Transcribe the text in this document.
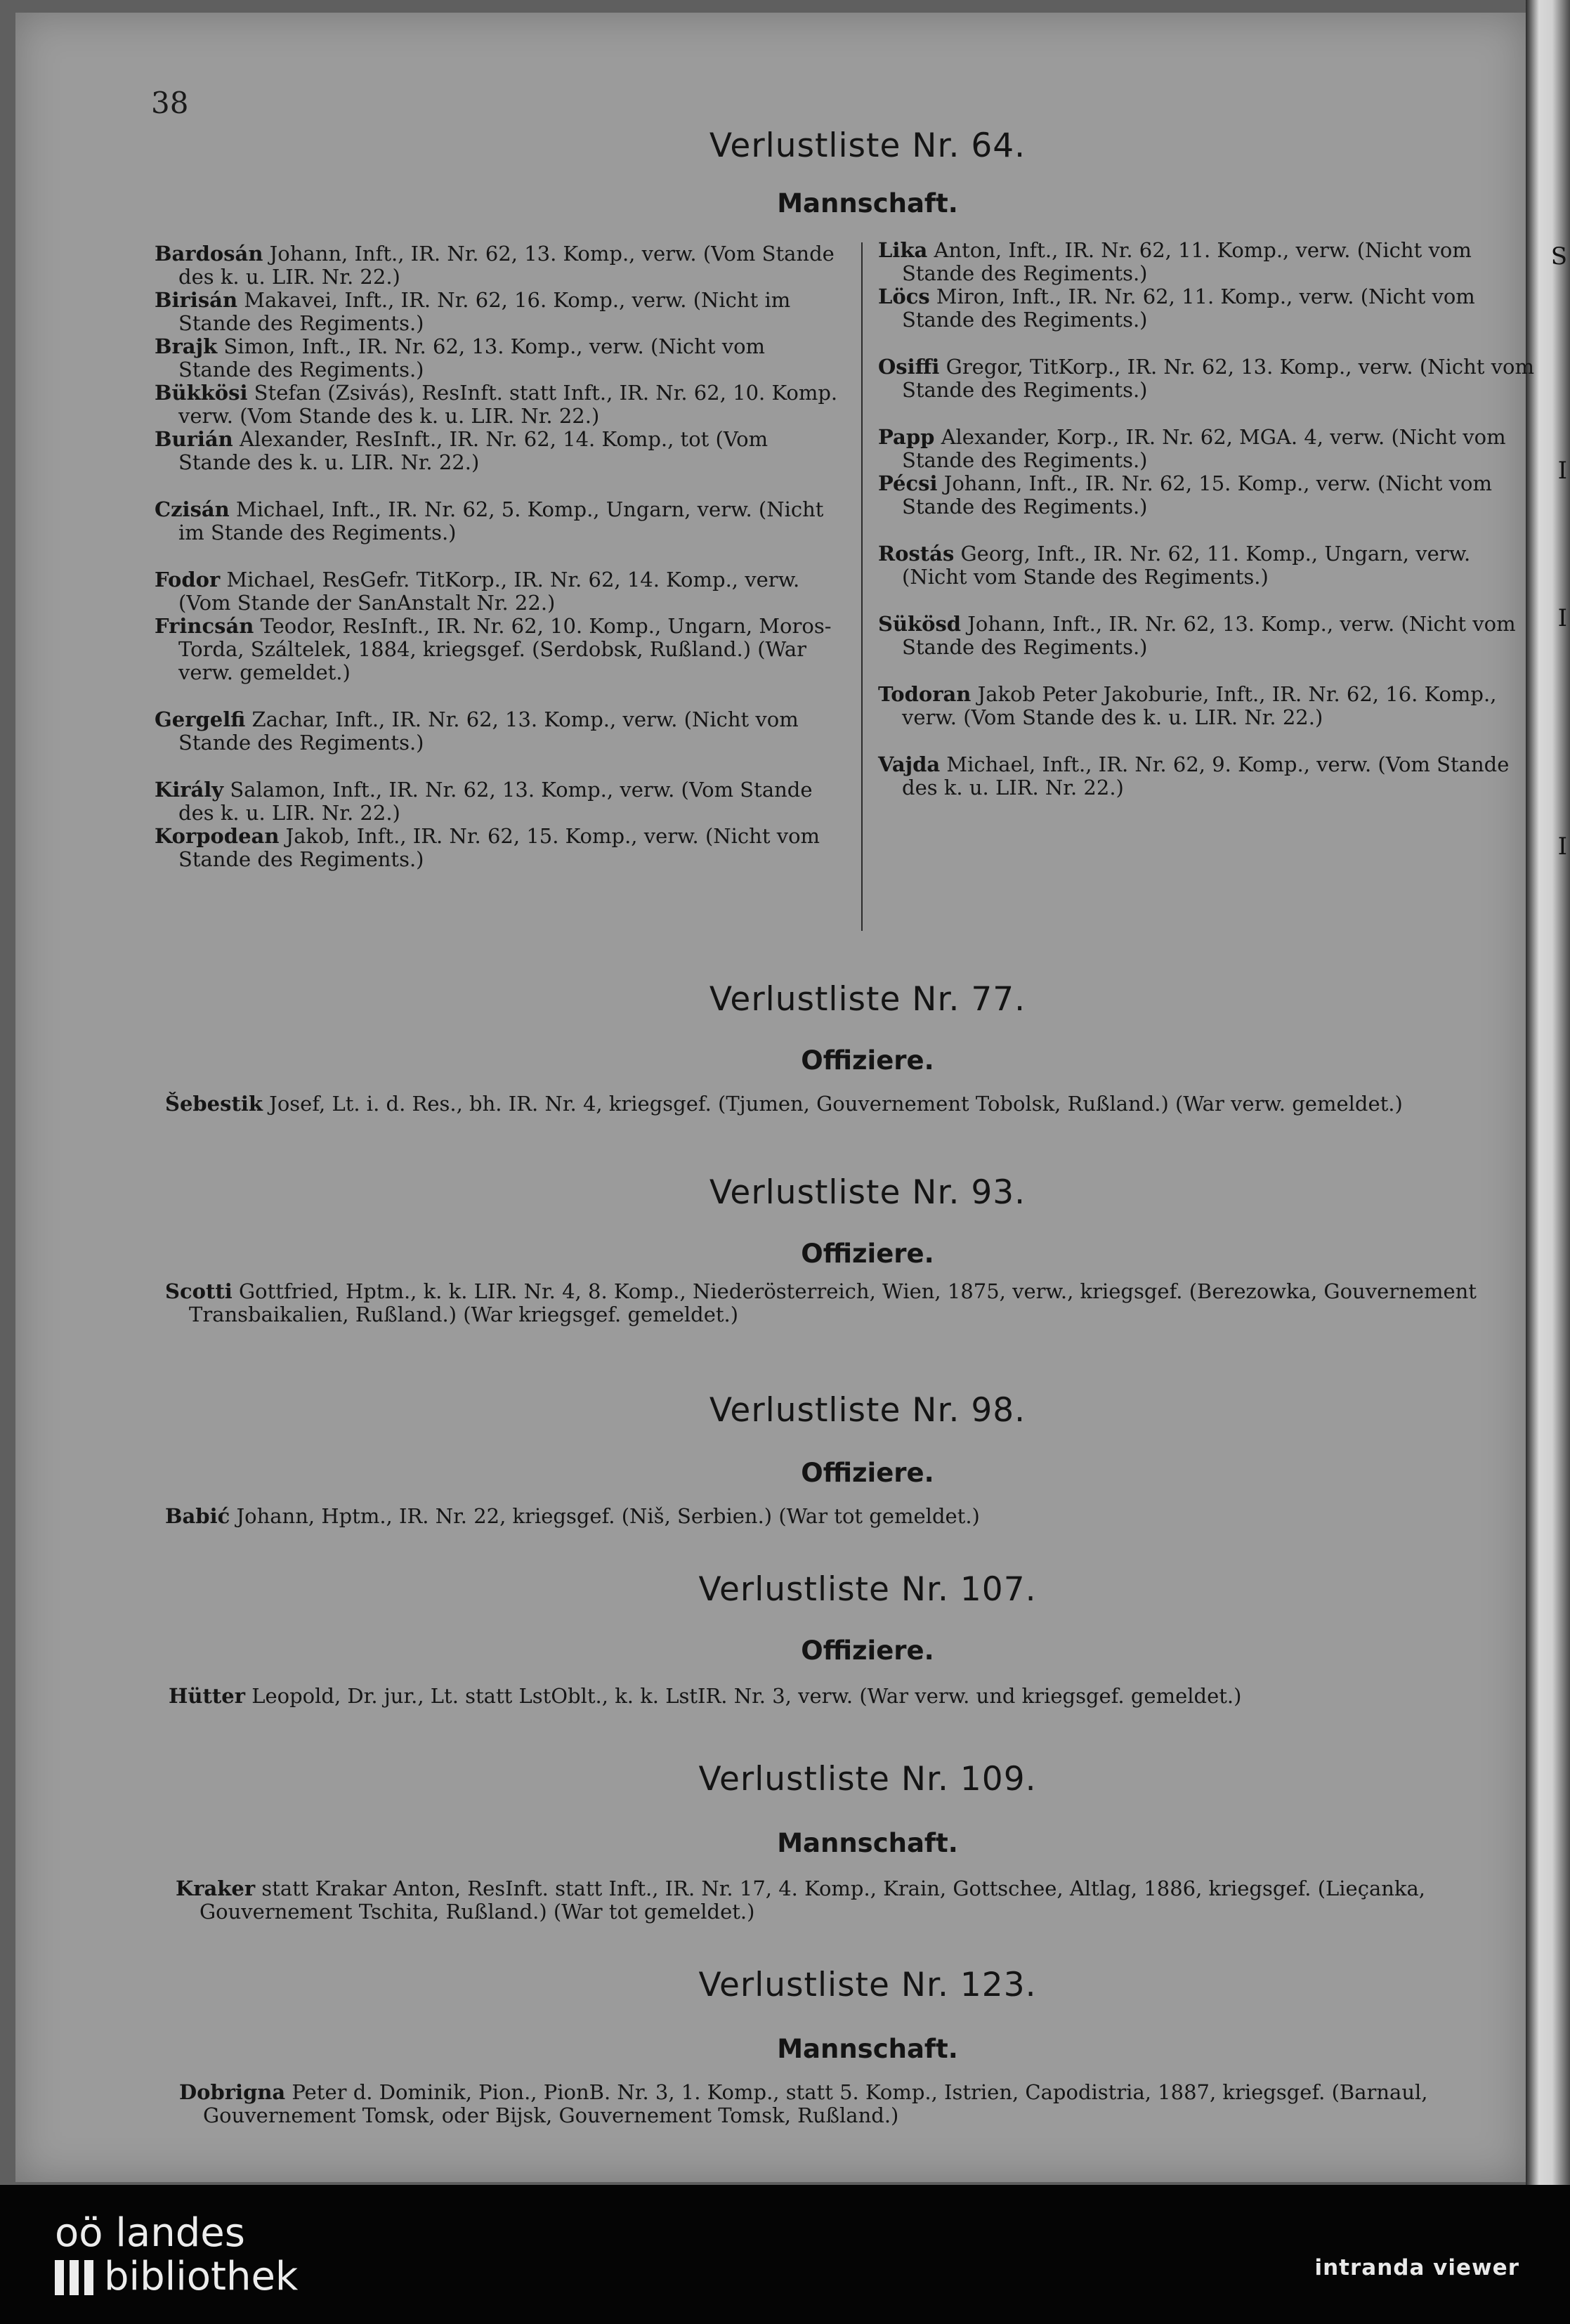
S
I
I
I
38
Verlustliste Nr. 64.
Mannschaft.
Bardosán Johann, Inft., IR. Nr. 62, 13. Komp., verw. (Vom Stande des k. u. LIR. Nr. 22.)
Birisán Makavei, Inft., IR. Nr. 62, 16. Komp., verw. (Nicht im Stande des Regiments.)
Brajk Simon, Inft., IR. Nr. 62, 13. Komp., verw. (Nicht vom Stande des Regiments.)
Bükkösi Stefan (Zsivás), ResInft. statt Inft., IR. Nr. 62, 10. Komp. verw. (Vom Stande des k. u. LIR. Nr. 22.)
Burián Alexander, ResInft., IR. Nr. 62, 14. Komp., tot (Vom Stande des k. u. LIR. Nr. 22.)
Czisán Michael, Inft., IR. Nr. 62, 5. Komp., Ungarn, verw. (Nicht im Stande des Regiments.)
Fodor Michael, ResGefr. TitKorp., IR. Nr. 62, 14. Komp., verw. (Vom Stande der SanAnstalt Nr. 22.)
Frincsán Teodor, ResInft., IR. Nr. 62, 10. Komp., Ungarn, Moros-Torda, Száltelek, 1884, kriegsgef. (Serdobsk, Rußland.) (War verw. gemeldet.)
Gergelfi Zachar, Inft., IR. Nr. 62, 13. Komp., verw. (Nicht vom Stande des Regiments.)
Király Salamon, Inft., IR. Nr. 62, 13. Komp., verw. (Vom Stande des k. u. LIR. Nr. 22.)
Korpodean Jakob, Inft., IR. Nr. 62, 15. Komp., verw. (Nicht vom Stande des Regiments.)
Lika Anton, Inft., IR. Nr. 62, 11. Komp., verw. (Nicht vom Stande des Regiments.)
Löcs Miron, Inft., IR. Nr. 62, 11. Komp., verw. (Nicht vom Stande des Regiments.)
Osiffi Gregor, TitKorp., IR. Nr. 62, 13. Komp., verw. (Nicht vom Stande des Regiments.)
Papp Alexander, Korp., IR. Nr. 62, MGA. 4, verw. (Nicht vom Stande des Regiments.)
Pécsi Johann, Inft., IR. Nr. 62, 15. Komp., verw. (Nicht vom Stande des Regiments.)
Rostás Georg, Inft., IR. Nr. 62, 11. Komp., Ungarn, verw. (Nicht vom Stande des Regiments.)
Sükösd Johann, Inft., IR. Nr. 62, 13. Komp., verw. (Nicht vom Stande des Regiments.)
Todoran Jakob Peter Jakoburie, Inft., IR. Nr. 62, 16. Komp., verw. (Vom Stande des k. u. LIR. Nr. 22.)
Vajda Michael, Inft., IR. Nr. 62, 9. Komp., verw. (Vom Stande des k. u. LIR. Nr. 22.)
Verlustliste Nr. 77.
Offiziere.
Šebestik Josef, Lt. i. d. Res., bh. IR. Nr. 4, kriegsgef. (Tjumen, Gouvernement Tobolsk, Rußland.) (War verw. gemeldet.)
Verlustliste Nr. 93.
Offiziere.
Scotti Gottfried, Hptm., k. k. LIR. Nr. 4, 8. Komp., Niederösterreich, Wien, 1875, verw., kriegsgef. (Berezowka, Gouvernement Transbaikalien, Rußland.) (War kriegsgef. gemeldet.)
Verlustliste Nr. 98.
Offiziere.
Babić Johann, Hptm., IR. Nr. 22, kriegsgef. (Niš, Serbien.) (War tot gemeldet.)
Verlustliste Nr. 107.
Offiziere.
Hütter Leopold, Dr. jur., Lt. statt LstOblt., k. k. LstIR. Nr. 3, verw. (War verw. und kriegsgef. gemeldet.)
Verlustliste Nr. 109.
Mannschaft.
Kraker statt Krakar Anton, ResInft. statt Inft., IR. Nr. 17, 4. Komp., Krain, Gottschee, Altlag, 1886, kriegsgef. (Lieçanka, Gouvernement Tschita, Rußland.) (War tot gemeldet.)
Verlustliste Nr. 123.
Mannschaft.
Dobrigna Peter d. Dominik, Pion., PionB. Nr. 3, 1. Komp., statt 5. Komp., Istrien, Capodistria, 1887, kriegsgef. (Barnaul, Gouvernement Tomsk, oder Bijsk, Gouvernement Tomsk, Rußland.)
oö landes
bibliothek	intranda viewer
